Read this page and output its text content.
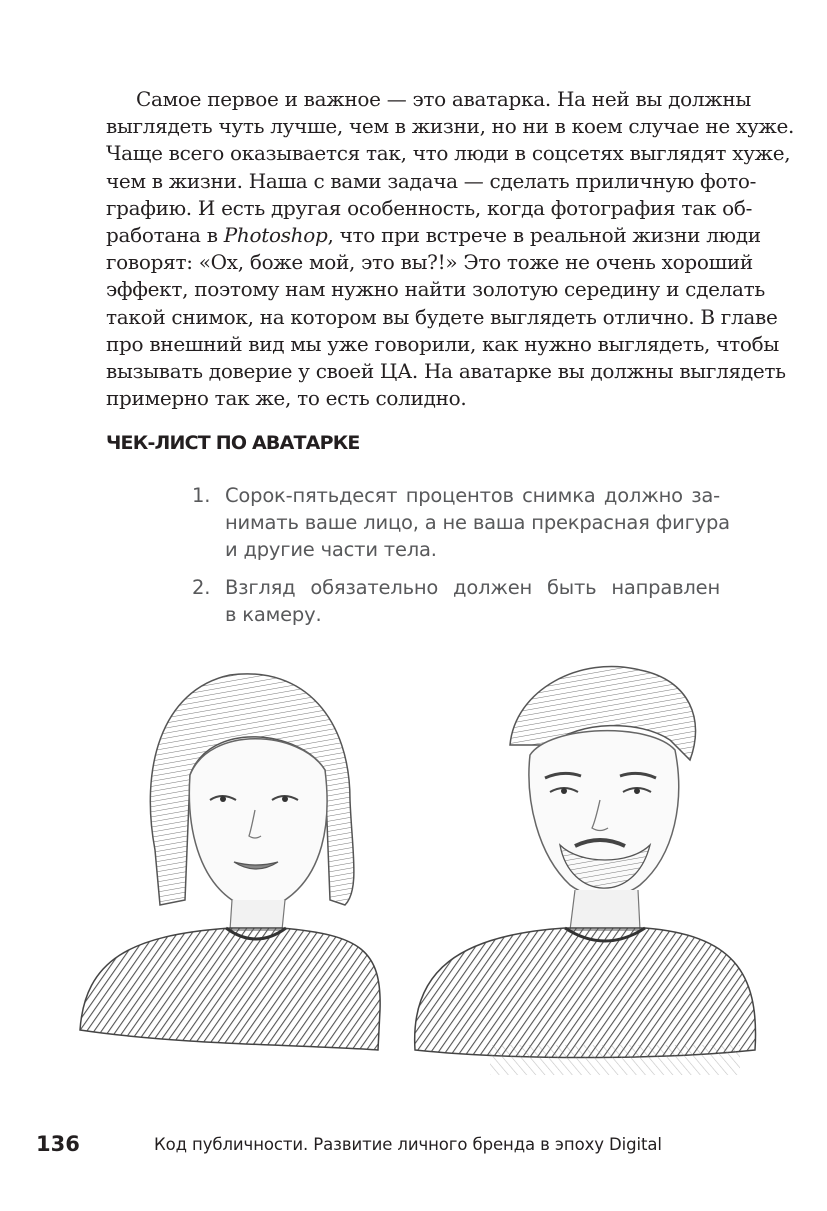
Самое первое и важное — это аватарка. На ней вы должны
выглядеть чуть лучше, чем в жизни, но ни в коем случае не хуже.
Чаще всего оказывается так, что люди в соцсетях выглядят хуже,
чем в жизни. Наша с вами задача — сделать приличную фото-
графию. И есть другая особенность, когда фотография так об-
работана в Photoshop, что при встрече в реальной жизни люди
говорят: «Ох, боже мой, это вы?!» Это тоже не очень хороший
эффект, поэтому нам нужно найти золотую середину и сделать
такой снимок, на котором вы будете выглядеть отлично. В главе
про внешний вид мы уже говорили, как нужно выглядеть, чтобы
вызывать доверие у своей ЦА. На аватарке вы должны выглядеть
примерно так же, то есть солидно.
ЧЕК-ЛИСТ ПО АВАТАРКЕ
1. Сорок-пятьдесят процентов снимка должно за-
нимать ваше лицо, а не ваша прекрасная фигура
и другие части тела.
2. Взгляд обязательно должен быть направлен
в камеру.
136	Код публичности. Развитие личного бренда в эпоху Digital
